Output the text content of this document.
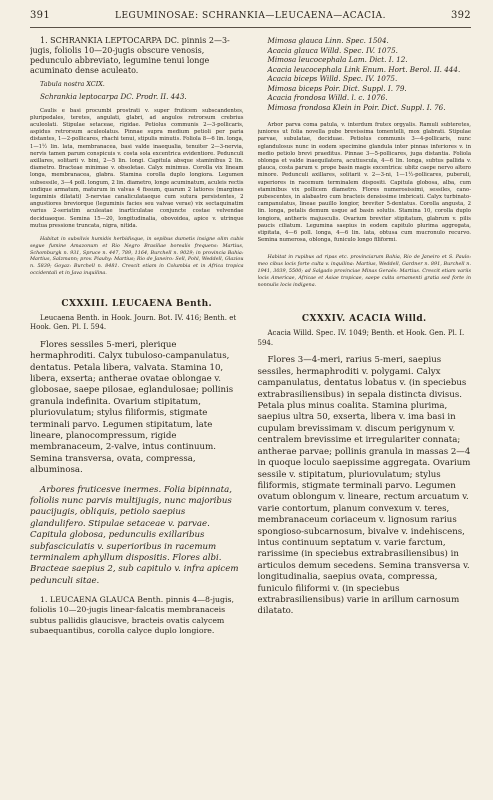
391	LEGUMINOSAE: SCHRANKIA—LEUCAENA—ACACIA.	392

1. SCHRANKIA LEPTOCARPA DC. pinnis 2—3-jugis, foliolis 10—20-jugis obscure venosis, pedunculo abbreviato, legumine tenui longe acuminato dense aculeato.

Tabula nostra XCIX.

Schrankia leptocarpa DC. Prodr. II. 443.

Caulis e basi procumbi prostrati v. super fruticem subscandentes, pluripedales, teretes, angulati, glabri, ad angulos retrorsum crebrius aculeolati. Stipulae setaceae, rigidae. Petiolus communis 2—3-pollicaris, aspidus retrorsum aculeolatus. Pinnae supra medium petioli per paria distantes, 1—2-pollicares, rhachi tenui, stipulis minutis. Foliola 8—6 lin. longa, 1—1½ lin. lata, membranacea, basi valde inaequalia, tenuiter 2—3-nervia, nervis tamen parum conspicuis v. costa sola excentrica evidentiore. Pedunculi axillares, solitarii v. bini, 2—5 lin. longi. Capitula absque staminibus 2 lin. diametro. Bracteae minimae v. obsoletae. Calyx minimus. Corolla vix lineam longa, membranacea, glabra. Stamina corolla duplo longiora. Legumen subsessile, 3—4 poll. longum, 2 lin. diametro, longe acuminatum, aculeis rectis undique armatum, maturum in valvas 4 fissum, quarum 2 latiores (margines leguminis dilatati) 3-nerviae canaliculataeque cum sutura persistentes, 2 angustiores breviorque (leguminis facies seu valvae verae) vix sectaquinatim varius 2-seriatim aculeatae inarticulatae conjuncte costae velvendae deciduaeque. Semina 15—20, longitudinalia, obovoidea, apice v. utrinque mutua pressione truncata, nigra, nitida.

Habitat in subsilvis humidis herbidisque, in sepibus dumetis insigne olim cubis segue fumine Amazonum et Rio Negro Brasiliae borealis frequens: Martius, Schomburgk n. 931, Spruce n. 447, 789, 1164, Burchell n. 9029; in provincia Bahia: Martius, Salzmann; prov. Piauhy: Martius; Rio de Janeiro: Sell, Pohl, Weddell, Glaziou n. 5839; Goyaz: Burchell n. 8481. Crescit etiam in Columbia et in Africa tropica occidentali et in Java inquilina.

CXXXIII. LEUCAENA Benth.

Leucaena Benth. in Hook. Journ. Bot. IV. 416; Benth. et Hook. Gen. Pl. I. 594.

Flores sessiles 5-meri, plerique hermaphroditi. Calyx tubuloso-campanulatus, dentatus. Petala libera, valvata. Stamina 10, libera, exserta; antherae ovatae oblongae v. globosae, saepe pilosae, eglandulosae; pollinis granula indefinita. Ovarium stipitatum, pluriovulatum; stylus filiformis, stigmate terminali parvo. Legumen stipitatum, late lineare, planocompressum, rigide membranaceum, 2-valve, intus continuum. Semina transversa, ovata, compressa, albuminosa.

Arbores fruticesve inermes. Folia bipinnata, foliolis nunc parvis multijugis, nunc majoribus paucijugis, obliquis, petiolo saepius glandulifero. Stipulae setaceae v. parvae. Capitula globosa, pedunculis exillaribus subfasciculatis v. superioribus in racemum terminalem aphyllum dispositis. Flores albi. Bracteae saepius 2, sub capitulo v. infra apicem pedunculi sitae.

1. LEUCAENA GLAUCA Benth. pinnis 4—8-jugis, foliolis 10—20-jugis linear-falcatis membranaceis subtus pallidis glaucisve, bracteis ovatis calycem subaequantibus, corolla calyce duplo longiore.

Mimosa glauca Linn. Spec. 1504.

Acacia glauca Willd. Spec. IV. 1075.

Mimosa leucocephala Lam. Dict. I. 12.

Acacia leucocephala Link Enum. Hort. Berol. II. 444.

Acacia biceps Willd. Spec. IV. 1075.

Mimosa biceps Poir. Dict. Suppl. I. 79.

Acacia frondosa Willd. l. c. 1076.

Mimosa frondosa Klein in Poir. Dict. Suppl. I. 76.

Arbor parva coma patula, v. interdum frutex orgyalis. Ramuli subteretes, juniores ut folia novella pube brevissima tomentelli, mox glabrati. Stipulae parvae, subulatae, deciduae. Petiolus communis 3—4-pollicaris, nunc eglandulosus nunc in eodem specimine glandula inter pinnas inferiores v. in medio petiolo brevi praeditus. Pinnae 3—5-pollicares, juga distantia. Foliola oblonga et valde inaequilatera, acutiuscula, 4—6 lin. longa, subtus pallida v. glauca, costa parum v. prope basin magis excentrica: ubitz caepe nervo altero minore. Pedunculi axillares, solitarii v. 2—3-ni, 1—1½-pollicares, puberuli, superiores in racemum terminalem dispositi. Capitula globosa, alba, cum staminibus vix pollicem diametro. Flores numerosissimi, sessiles, cano-pubescentes, in alabastro cum bracteis densissime imbricati. Calyx turbinato-campanulatus, lineae pauillo longior, breviter 5-dentatus. Corolla angusta, 2 lin. longa, petalis demum usque ad basin solutis. Stamina 10, corolla duplo longiora, antheris majusculis. Ovarium breviter stipitatum, glabrum v. pilis paucis ciliatum. Legumina saepius in eodem capitulo plurima aggregata, stipitata, 4—6 poll. longa, 4—6 lin. lata, obtusa cum mucronulo recurvo. Semina numerosa, oblonga, funiculo longo filiformi.

Habitat in rupibus ad ripas etc. provinciarum Bahia, Rio de Janeiro et S. Paulo: meo cibus locis forte culta v. inquilina: Martius, Weddell, Gardner n. 891, Burchell n. 1941, 3039, 5500; ad Salgado provinciae Minas Geraës: Martius. Crescit etiam variis locis Americae, Africae et Asiae tropicae, saepe culta ornamenti gratia sed forte in nonnulis locis indigena.

CXXXIV. ACACIA Willd.

Acacia Willd. Spec. IV. 1049; Benth. et Hook. Gen. Pl. I. 594.

Flores 3—4-meri, rarius 5-meri, saepius sessiles, hermaphroditi v. polygami. Calyx campanulatus, dentatus lobatus v. (in speciebus extrabrasiliensibus) in sepala distincta divisus. Petala plus minus coalita. Stamina plurima, saepius ultra 50, exserta, libera v. ima basi in cupulam brevissimam v. discum perigynum v. centralem brevissime et irregulariter connata; antherae parvae; pollinis granula in massas 2—4 in quoque loculo saepissime aggregata. Ovarium sessile v. stipitatum, pluriovulatum; stylus filiformis, stigmate terminali parvo. Legumen ovatum oblongum v. lineare, rectum arcuatum v. varie contortum, planum convexum v. teres, membranaceum coriaceum v. lignosum rarius spongioso-subcarnosum, bivalve v. indehiscens, intus continuum septatum v. varie farctum, rarissime (in speciebus extrabrasiliensibus) in articulos demum secedens. Semina transversa v. longitudinalia, saepius ovata, compressa, funiculo filiformi v. (in speciebus extrabrasiliensibus) varie in arillum carnosum dilatato.
